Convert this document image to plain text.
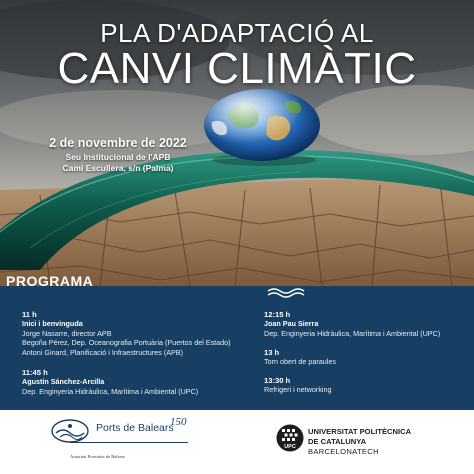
PLA D'ADAPTACIÓ AL
CANVI CLIMÀTIC
2 de novembre de 2022
Seu Institucional de l'APB
Camí Escullera, s/n (Palma)
PROGRAMA
11 h
Inici i benvinguda
Jorge Nasarre, director APB
Begoña Pérez, Dep. Oceanografia Portuària (Puertos del Estado)
Antoni Ginard, Planificació i Infraestructures (APB)
11:45 h
Agustín Sánchez-Arcilla
Dep. Enginyeria Hidràulica, Marítima i Ambiental (UPC)
12:15 h
Joan Pau Sierra
Dep. Enginyeria Hidràulica, Marítima i Ambiental (UPC)
13 h
Torn obert de paraules
13:30 h
Refrigeri i networking
Ports de Balears
150
Autoritat Portuària de Balears
UPC
UNIVERSITAT POLITÈCNICA
DE CATALUNYA
BARCELONATECH
